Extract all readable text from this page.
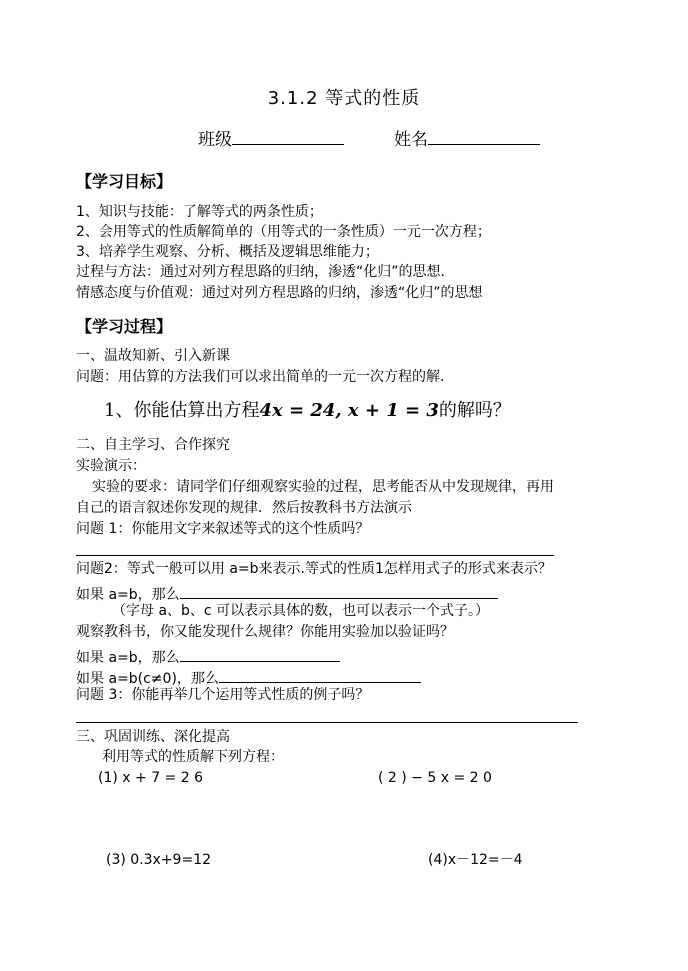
3.1.2 等式的性质
班级	姓名
【学习目标】
1、知识与技能：了解等式的两条性质；
2、会用等式的性质解简单的（用等式的一条性质）一元一次方程；
3、培养学生观察、分析、概括及逻辑思维能力；
过程与方法：通过对列方程思路的归纳，渗透“化归”的思想.
情感态度与价值观：通过对列方程思路的归纳，渗透“化归”的思想
【学习过程】
一、温故知新、引入新课
问题：用估算的方法我们可以求出简单的一元一次方程的解.
1、你能估算出方程4x = 24, x + 1 = 3的解吗？
二、自主学习、合作探究
实验演示：
实验的要求：请同学们仔细观察实验的过程，思考能否从中发现规律，再用
自己的语言叙述你发现的规律．然后按教科书方法演示
问题 1：你能用文字来叙述等式的这个性质吗？
问题2：等式一般可以用 a=b来表示.等式的性质1怎样用式子的形式来表示？
如果 a=b，那么
（字母 a、b、c 可以表示具体的数，也可以表示一个式子。）
观察教科书，你又能发现什么规律？你能用实验加以验证吗？
如果 a=b，那么
如果 a=b(c≠0)，那么
问题 3：你能再举几个运用等式性质的例子吗？
三、巩固训练、深化提高
利用等式的性质解下列方程：
(1) x + 7 = 2 6	( 2 ) − 5 x = 2 0
(3) 0.3x+9=12	(4)x－12=－4
